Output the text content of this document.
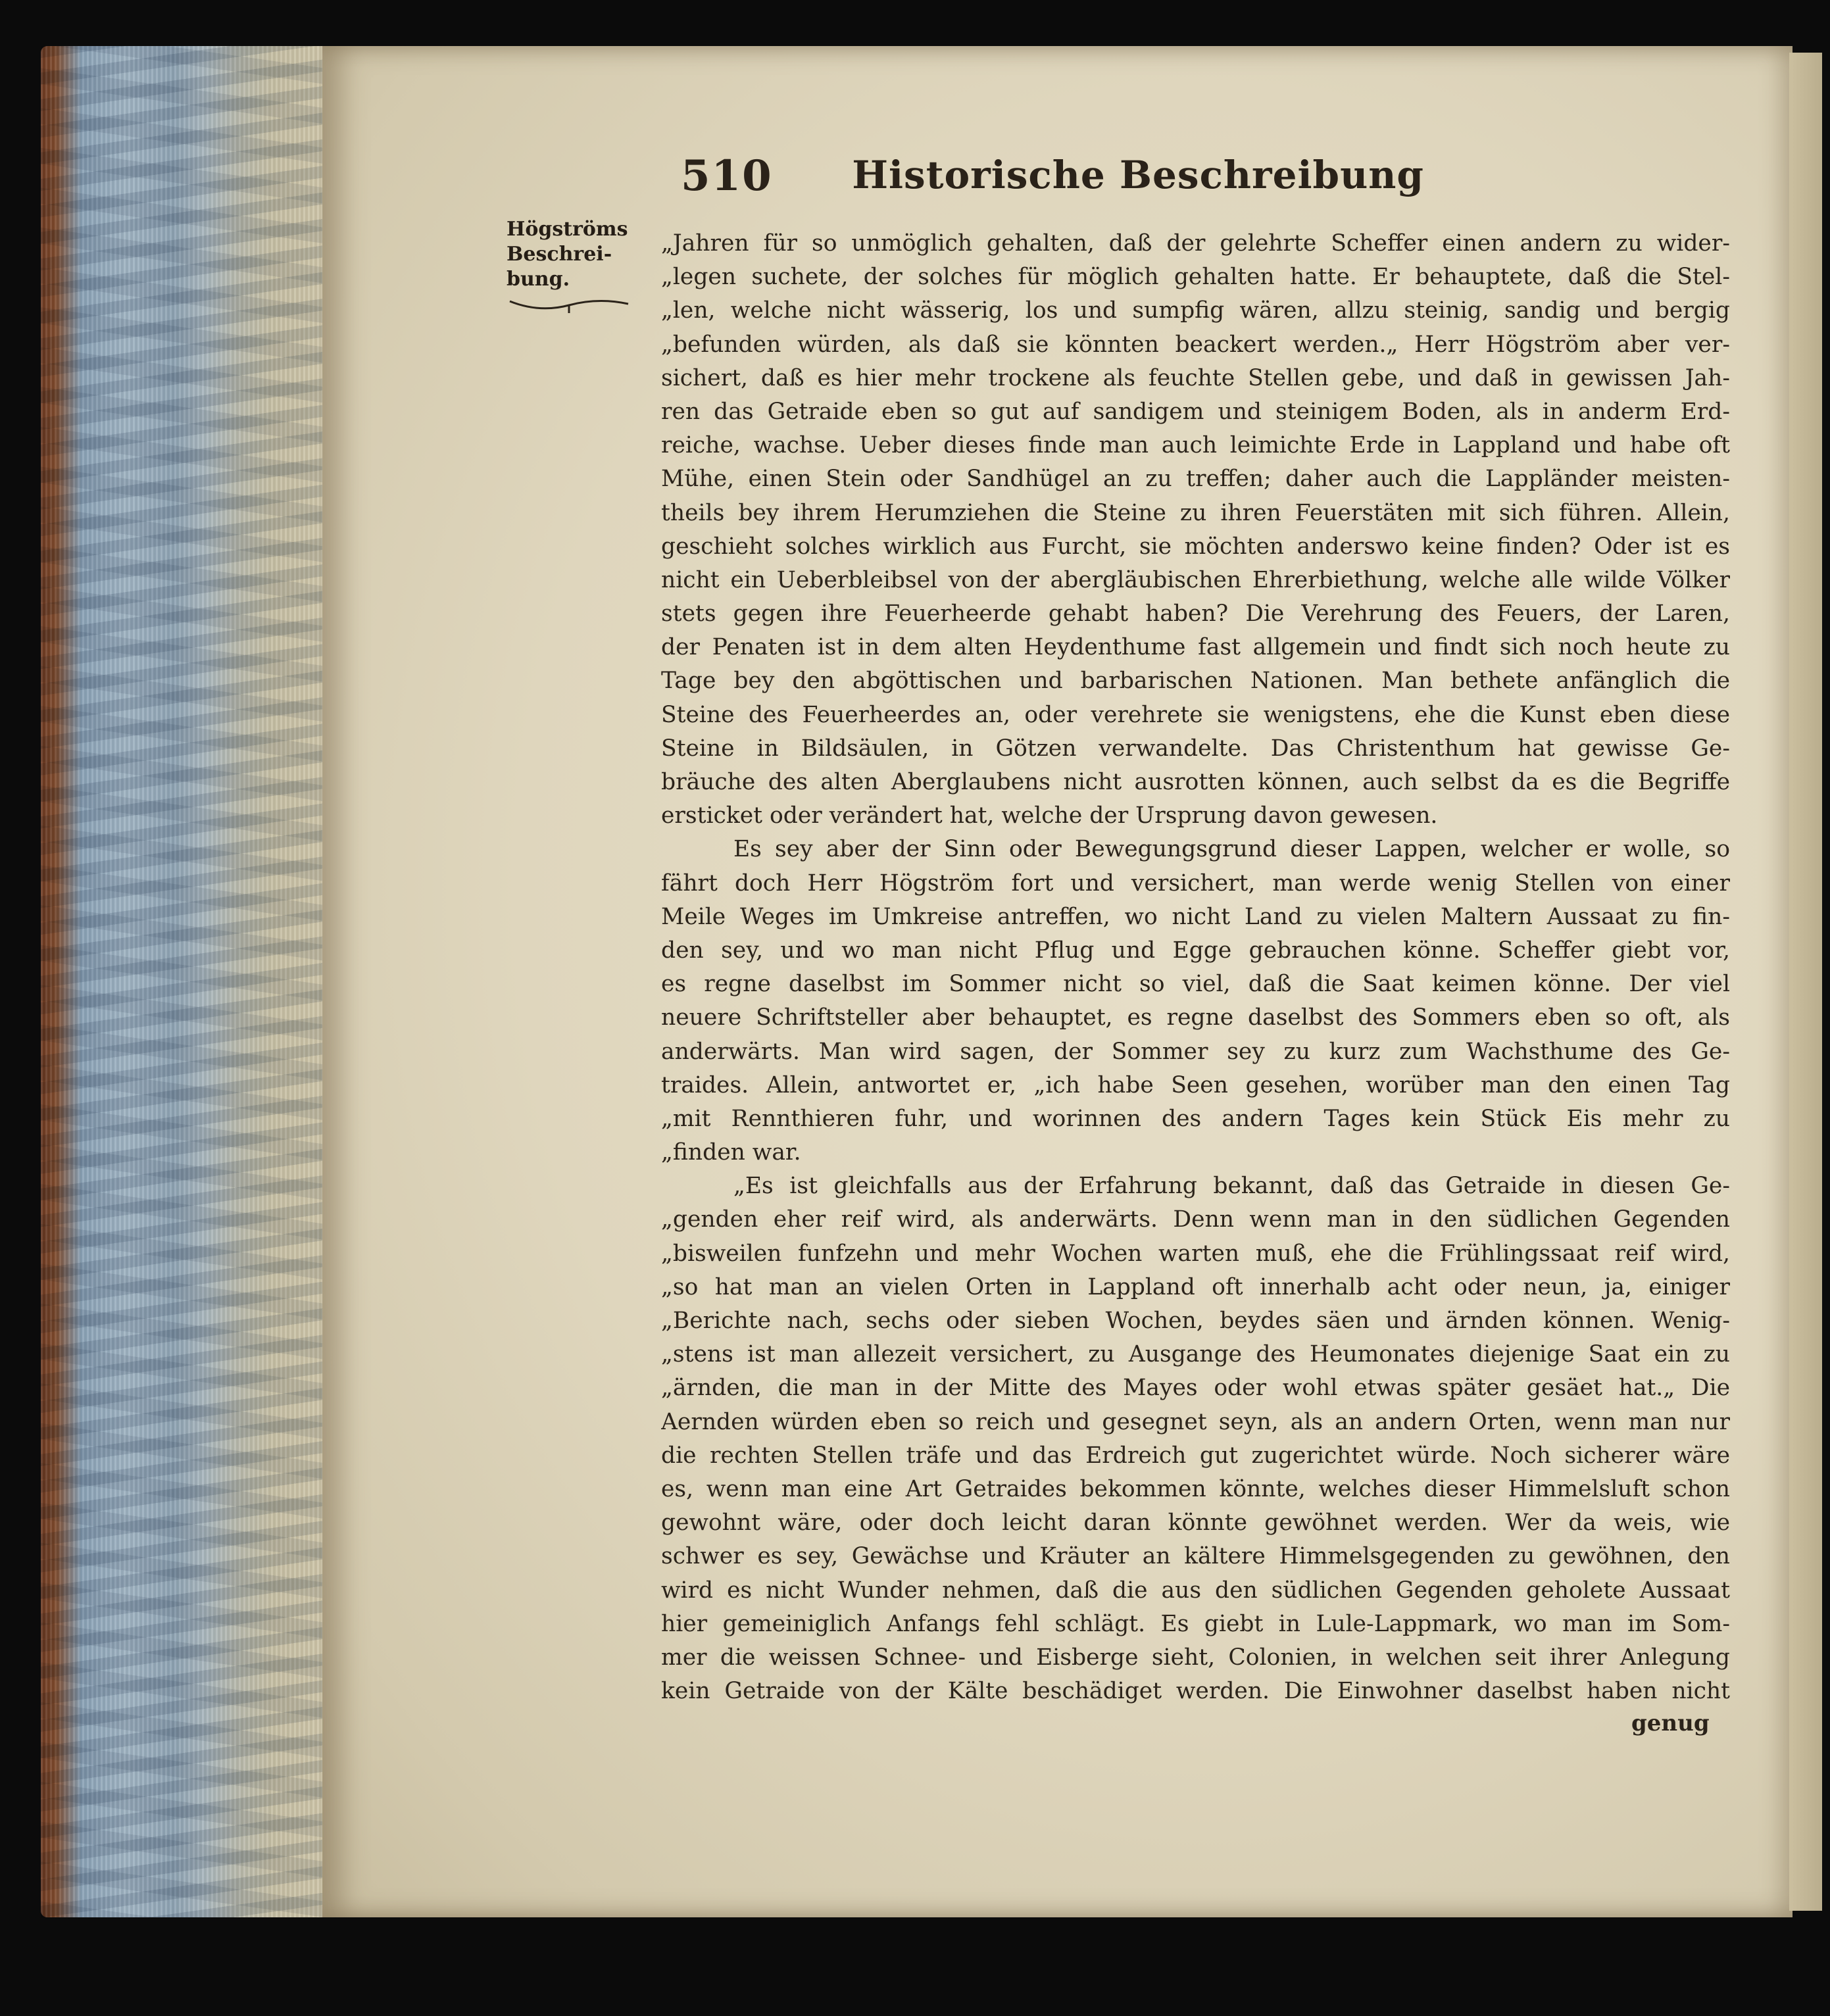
510 Historische Beschreibung
Högströms
Beschrei-
bung.
„Jahren für so unmöglich gehalten, daß der gelehrte Scheffer einen andern zu wider-
„legen suchete, der solches für möglich gehalten hatte. Er behauptete, daß die Stel-
„len, welche nicht wässerig, los und sumpfig wären, allzu steinig, sandig und bergig
„befunden würden, als daß sie könnten beackert werden.„ Herr Högström aber ver-
sichert, daß es hier mehr trockene als feuchte Stellen gebe, und daß in gewissen Jah-
ren das Getraide eben so gut auf sandigem und steinigem Boden, als in anderm Erd-
reiche, wachse. Ueber dieses finde man auch leimichte Erde in Lappland und habe oft
Mühe, einen Stein oder Sandhügel an zu treffen; daher auch die Lappländer meisten-
theils bey ihrem Herumziehen die Steine zu ihren Feuerstäten mit sich führen. Allein,
geschieht solches wirklich aus Furcht, sie möchten anderswo keine finden? Oder ist es
nicht ein Ueberbleibsel von der abergläubischen Ehrerbiethung, welche alle wilde Völker
stets gegen ihre Feuerheerde gehabt haben? Die Verehrung des Feuers, der Laren,
der Penaten ist in dem alten Heydenthume fast allgemein und findt sich noch heute zu
Tage bey den abgöttischen und barbarischen Nationen. Man bethete anfänglich die
Steine des Feuerheerdes an, oder verehrete sie wenigstens, ehe die Kunst eben diese
Steine in Bildsäulen, in Götzen verwandelte. Das Christenthum hat gewisse Ge-
bräuche des alten Aberglaubens nicht ausrotten können, auch selbst da es die Begriffe
ersticket oder verändert hat, welche der Ursprung davon gewesen.
Es sey aber der Sinn oder Bewegungsgrund dieser Lappen, welcher er wolle, so
fährt doch Herr Högström fort und versichert, man werde wenig Stellen von einer
Meile Weges im Umkreise antreffen, wo nicht Land zu vielen Maltern Aussaat zu fin-
den sey, und wo man nicht Pflug und Egge gebrauchen könne. Scheffer giebt vor,
es regne daselbst im Sommer nicht so viel, daß die Saat keimen könne. Der viel
neuere Schriftsteller aber behauptet, es regne daselbst des Sommers eben so oft, als
anderwärts. Man wird sagen, der Sommer sey zu kurz zum Wachsthume des Ge-
traides. Allein, antwortet er, „ich habe Seen gesehen, worüber man den einen Tag
„mit Rennthieren fuhr, und worinnen des andern Tages kein Stück Eis mehr zu
„finden war.
„Es ist gleichfalls aus der Erfahrung bekannt, daß das Getraide in diesen Ge-
„genden eher reif wird, als anderwärts. Denn wenn man in den südlichen Gegenden
„bisweilen funfzehn und mehr Wochen warten muß, ehe die Frühlingssaat reif wird,
„so hat man an vielen Orten in Lappland oft innerhalb acht oder neun, ja, einiger
„Berichte nach, sechs oder sieben Wochen, beydes säen und ärnden können. Wenig-
„stens ist man allezeit versichert, zu Ausgange des Heumonates diejenige Saat ein zu
„ärnden, die man in der Mitte des Mayes oder wohl etwas später gesäet hat.„ Die
Aernden würden eben so reich und gesegnet seyn, als an andern Orten, wenn man nur
die rechten Stellen träfe und das Erdreich gut zugerichtet würde. Noch sicherer wäre
es, wenn man eine Art Getraides bekommen könnte, welches dieser Himmelsluft schon
gewohnt wäre, oder doch leicht daran könnte gewöhnet werden. Wer da weis, wie
schwer es sey, Gewächse und Kräuter an kältere Himmelsgegenden zu gewöhnen, den
wird es nicht Wunder nehmen, daß die aus den südlichen Gegenden geholete Aussaat
hier gemeiniglich Anfangs fehl schlägt. Es giebt in Lule-Lappmark, wo man im Som-
mer die weissen Schnee- und Eisberge sieht, Colonien, in welchen seit ihrer Anlegung
kein Getraide von der Kälte beschädiget werden. Die Einwohner daselbst haben nicht
genug
